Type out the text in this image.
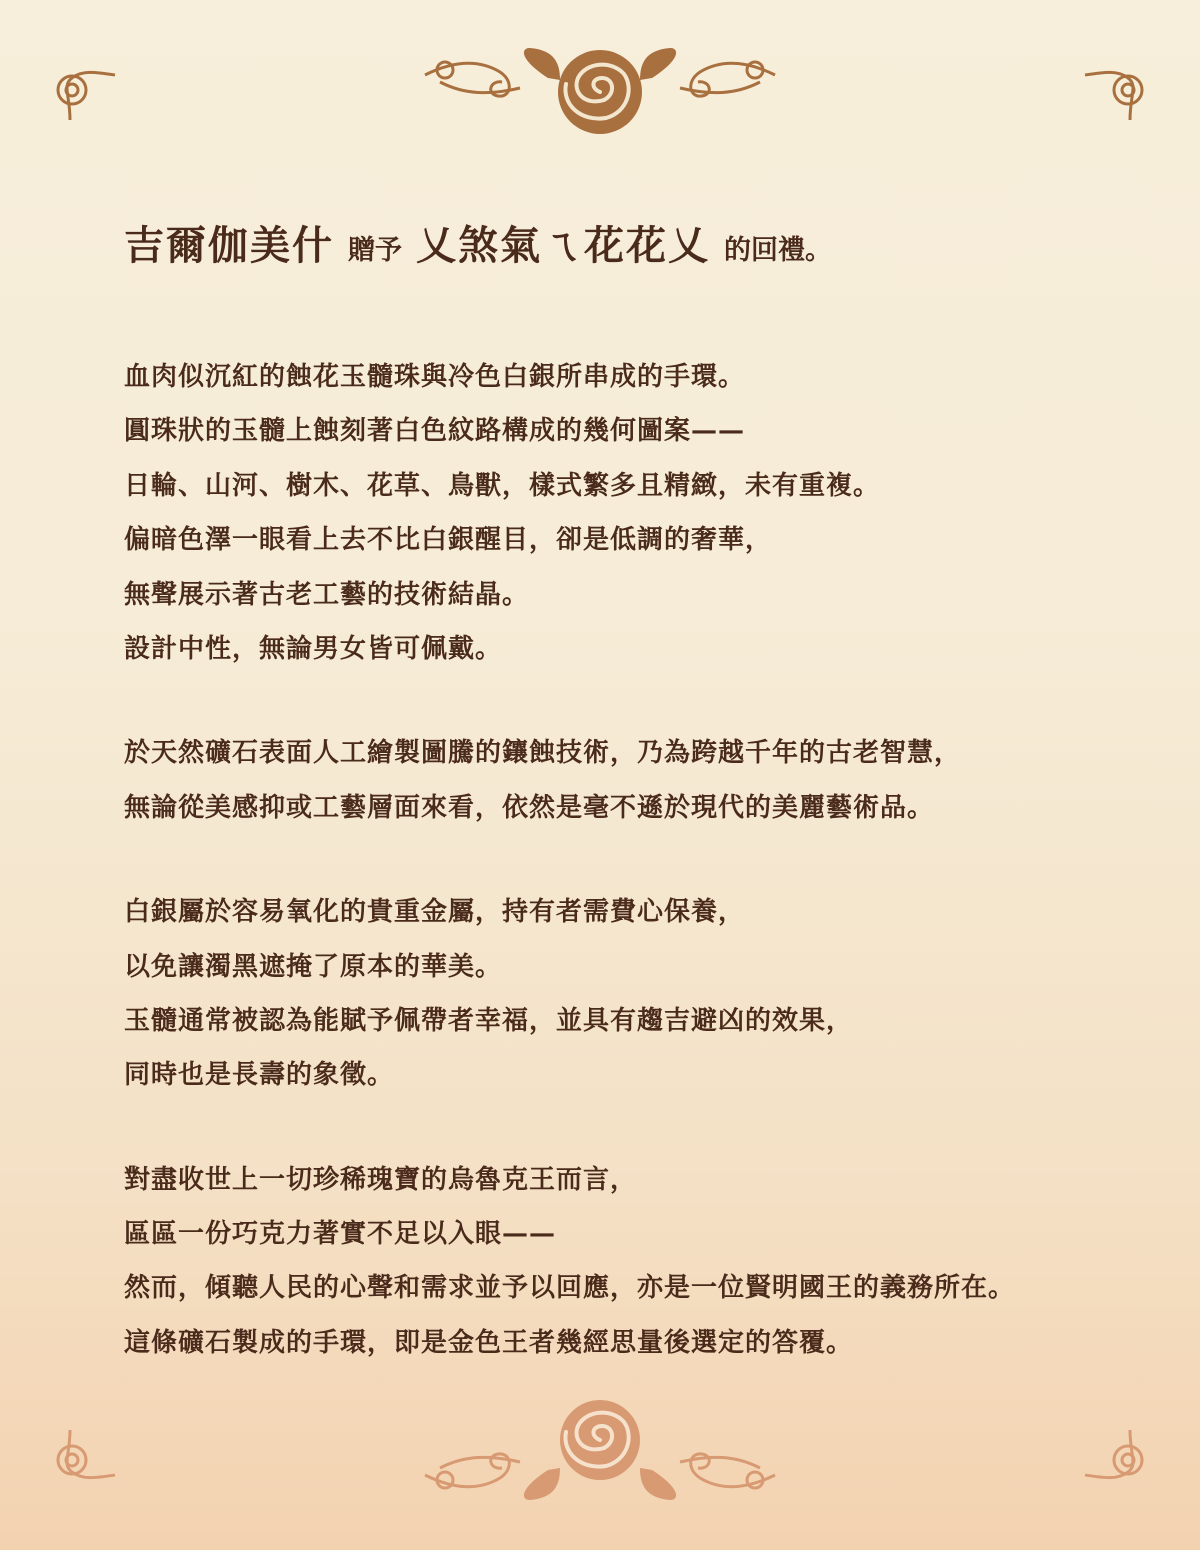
吉爾伽美什 贈予 乂煞氣ㄟ花花乂 的回禮。

血肉似沉紅的蝕花玉髓珠與冷色白銀所串成的手環。

圓珠狀的玉髓上蝕刻著白色紋路構成的幾何圖案——

日輪、山河、樹木、花草、鳥獸，樣式繁多且精緻，未有重複。

偏暗色澤一眼看上去不比白銀醒目，卻是低調的奢華，

無聲展示著古老工藝的技術結晶。

設計中性，無論男女皆可佩戴。

於天然礦石表面人工繪製圖騰的鑲蝕技術，乃為跨越千年的古老智慧，

無論從美感抑或工藝層面來看，依然是毫不遜於現代的美麗藝術品。

白銀屬於容易氧化的貴重金屬，持有者需費心保養，

以免讓濁黑遮掩了原本的華美。

玉髓通常被認為能賦予佩帶者幸福，並具有趨吉避凶的效果，

同時也是長壽的象徵。

對盡收世上一切珍稀瑰寶的烏魯克王而言，

區區一份巧克力著實不足以入眼——

然而，傾聽人民的心聲和需求並予以回應，亦是一位賢明國王的義務所在。

這條礦石製成的手環，即是金色王者幾經思量後選定的答覆。
